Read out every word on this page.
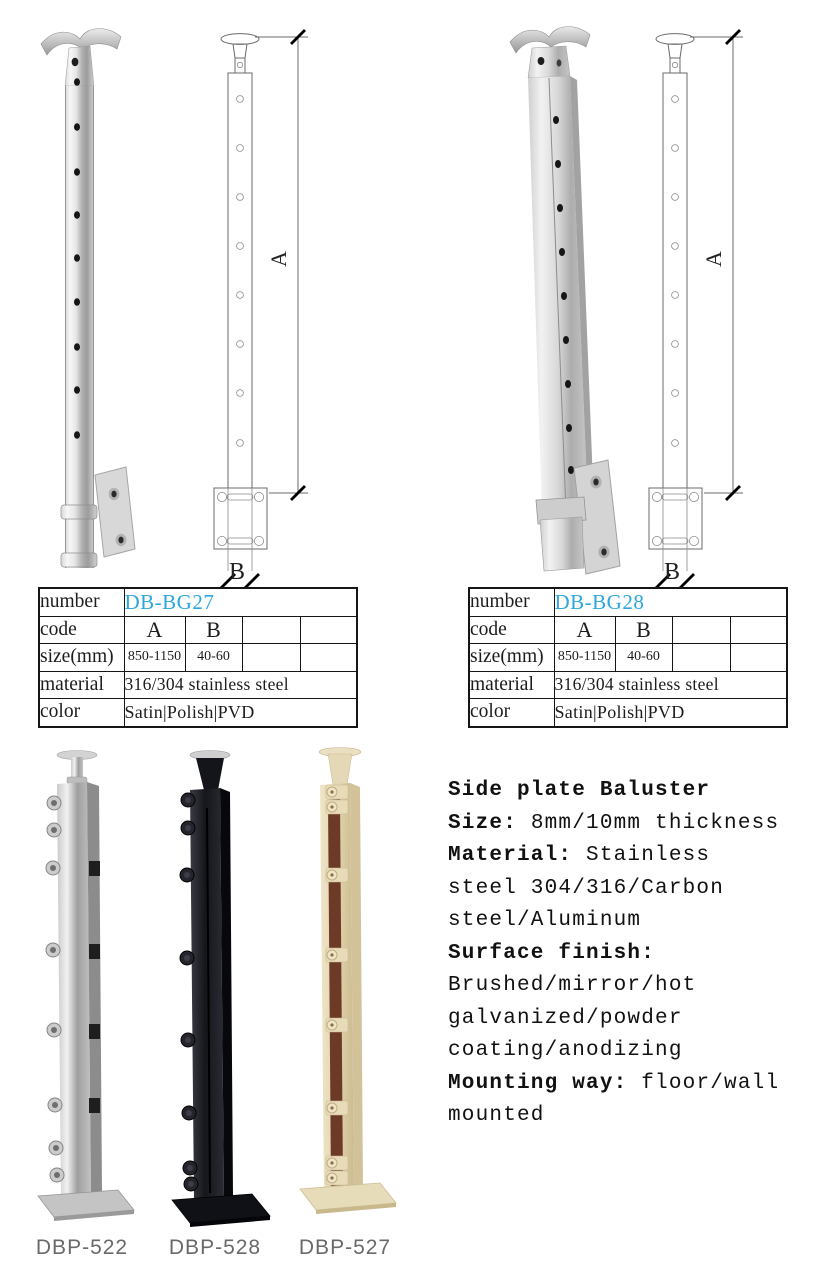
A
B
A
B
number	DB-BG27			
code	A	B		
size(mm)	850-1150	40-60		
material	316/304 stainless steel			
color	Satin|Polish|PVD			
number	DB-BG28			
code	A	B		
size(mm)	850-1150	40-60		
material	316/304 stainless steel			
color	Satin|Polish|PVD			
DBP-522	DBP-528	DBP-527
Side plate Baluster
Size: 8mm/10mm thickness
Material: Stainless
steel 304/316/Carbon
steel/Aluminum
Surface finish:
Brushed/mirror/hot
galvanized/powder
coating/anodizing
Mounting way: floor/wall
mounted
